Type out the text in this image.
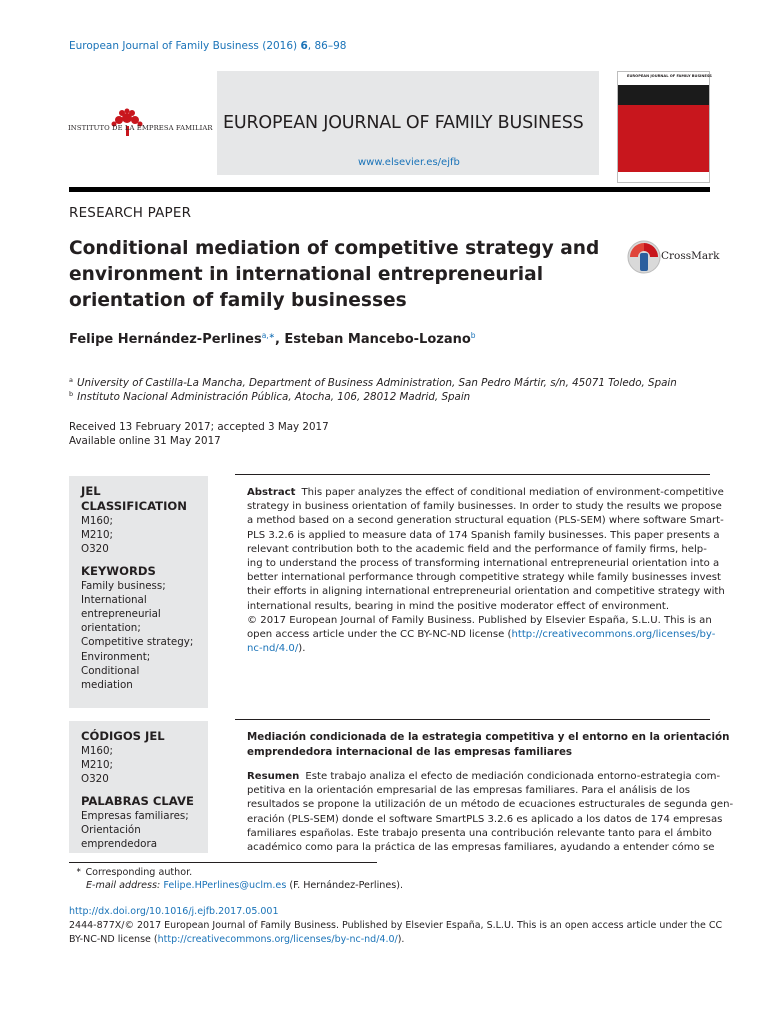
European Journal of Family Business (2016) 6, 86–98
INSTITUTO DE LA EMPRESA FAMILIAR EUROPEAN JOURNAL OF FAMILY BUSINESS
www.elsevier.es/ejfb
EUROPEAN JOURNAL OF FAMILY BUSINESS
RESEARCH PAPER
Conditional mediation of competitive strategy and
environment in international entrepreneurial
orientation of family businesses
CrossMark
Felipe Hernández-Perlines$^{a,∗}$, Esteban Mancebo-Lozano$^b$
$^a$ University of Castilla-La Mancha, Department of Business Administration, San Pedro Mártir, s/n, 45071 Toledo, Spain
$^b$ Instituto Nacional Administración Pública, Atocha, 106, 28012 Madrid, Spain
Received 13 February 2017; accepted 3 May 2017
Available online 31 May 2017
JEL
CLASSIFICATION
M160;
M210;
O320
KEYWORDS
Family business;
International
entrepreneurial
orientation;
Competitive strategy;
Environment;
Conditional
mediation
CÓDIGOS JEL
M160;
M210;
O320
PALABRAS CLAVE
Empresas familiares;
Orientación
emprendedora
Abstract This paper analyzes the effect of conditional mediation of environment-competitive
strategy in business orientation of family businesses. In order to study the results we propose
a method based on a second generation structural equation (PLS-SEM) where software Smart-
PLS 3.2.6 is applied to measure data of 174 Spanish family businesses. This paper presents a
relevant contribution both to the academic field and the performance of family firms, help-
ing to understand the process of transforming international entrepreneurial orientation into a
better international performance through competitive strategy while family businesses invest
their efforts in aligning international entrepreneurial orientation and competitive strategy with
international results, bearing in mind the positive moderator effect of environment.
© 2017 European Journal of Family Business. Published by Elsevier España, S.L.U. This is an
open access article under the CC BY-NC-ND license (http://creativecommons.org/licenses/by-
nc-nd/4.0/).
Mediación condicionada de la estrategia competitiva y el entorno en la orientación
emprendedora internacional de las empresas familiares
Resumen Este trabajo analiza el efecto de mediación condicionada entorno-estrategia com-
petitiva en la orientación empresarial de las empresas familiares. Para el análisis de los
resultados se propone la utilización de un método de ecuaciones estructurales de segunda gen-
eración (PLS-SEM) donde el software SmartPLS 3.2.6 es aplicado a los datos de 174 empresas
familiares españolas. Este trabajo presenta una contribución relevante tanto para el ámbito
académico como para la práctica de las empresas familiares, ayudando a entender cómo se
∗ Corresponding author.
E-mail address: Felipe.HPerlines@uclm.es (F. Hernández-Perlines).
http://dx.doi.org/10.1016/j.ejfb.2017.05.001
2444-877X/© 2017 European Journal of Family Business. Published by Elsevier España, S.L.U. This is an open access article under the CC
BY-NC-ND license (http://creativecommons.org/licenses/by-nc-nd/4.0/).
